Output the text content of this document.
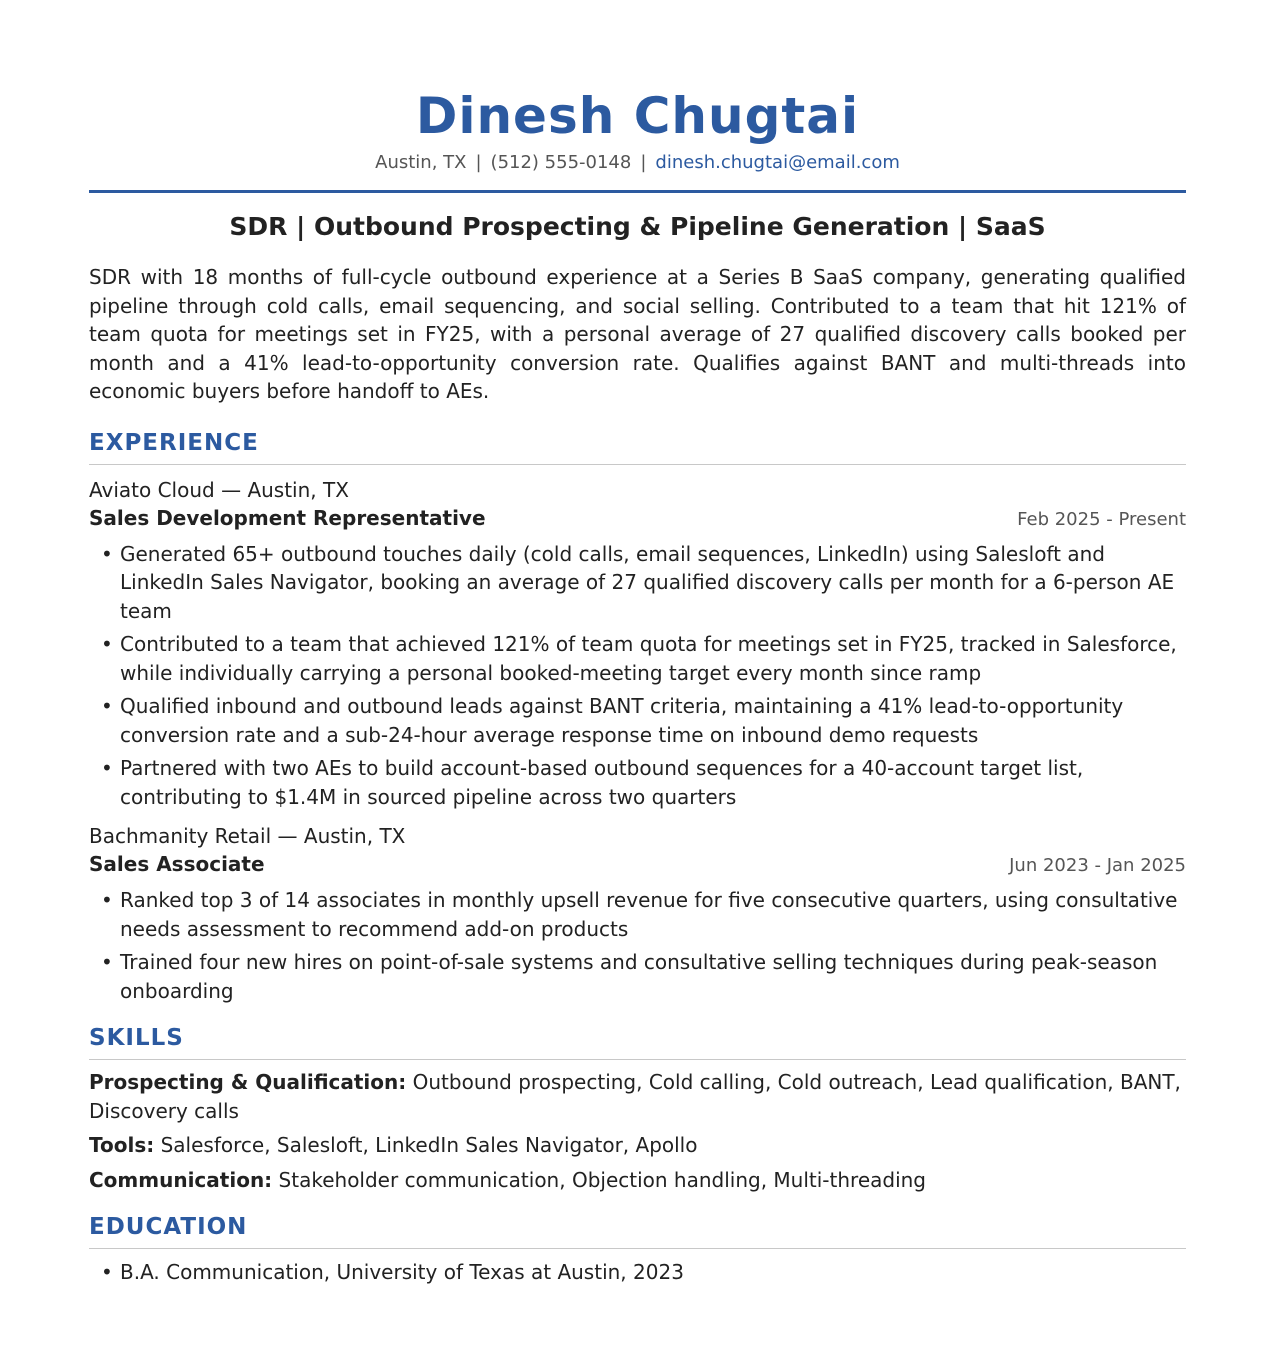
Dinesh Chugtai
Austin, TX | (512) 555-0148 | dinesh.chugtai@email.com
SDR | Outbound Prospecting & Pipeline Generation | SaaS

SDR with 18 months of full-cycle outbound experience at a Series B SaaS company, generating qualified pipeline through cold calls, email sequencing, and social selling. Contributed to a team that hit 121% of team quota for meetings set in FY25, with a personal average of 27 qualified discovery calls booked per month and a 41% lead-to-opportunity conversion rate. Qualifies against BANT and multi-threads into economic buyers before handoff to AEs.

EXPERIENCE
Aviato Cloud — Austin, TX
Sales Development Representative	Feb 2025 - Present
• Generated 65+ outbound touches daily (cold calls, email sequences, LinkedIn) using Salesloft and LinkedIn Sales Navigator, booking an average of 27 qualified discovery calls per month for a 6-person AE team
• Contributed to a team that achieved 121% of team quota for meetings set in FY25, tracked in Salesforce, while individually carrying a personal booked-meeting target every month since ramp
• Qualified inbound and outbound leads against BANT criteria, maintaining a 41% lead-to-opportunity conversion rate and a sub-24-hour average response time on inbound demo requests
• Partnered with two AEs to build account-based outbound sequences for a 40-account target list, contributing to $1.4M in sourced pipeline across two quarters
Bachmanity Retail — Austin, TX
Sales Associate	Jun 2023 - Jan 2025
• Ranked top 3 of 14 associates in monthly upsell revenue for five consecutive quarters, using consultative needs assessment to recommend add-on products
• Trained four new hires on point-of-sale systems and consultative selling techniques during peak-season onboarding
SKILLS
Prospecting & Qualification: Outbound prospecting, Cold calling, Cold outreach, Lead qualification, BANT, Discovery calls
Tools: Salesforce, Salesloft, LinkedIn Sales Navigator, Apollo
Communication: Stakeholder communication, Objection handling, Multi-threading
EDUCATION
• B.A. Communication, University of Texas at Austin, 2023
